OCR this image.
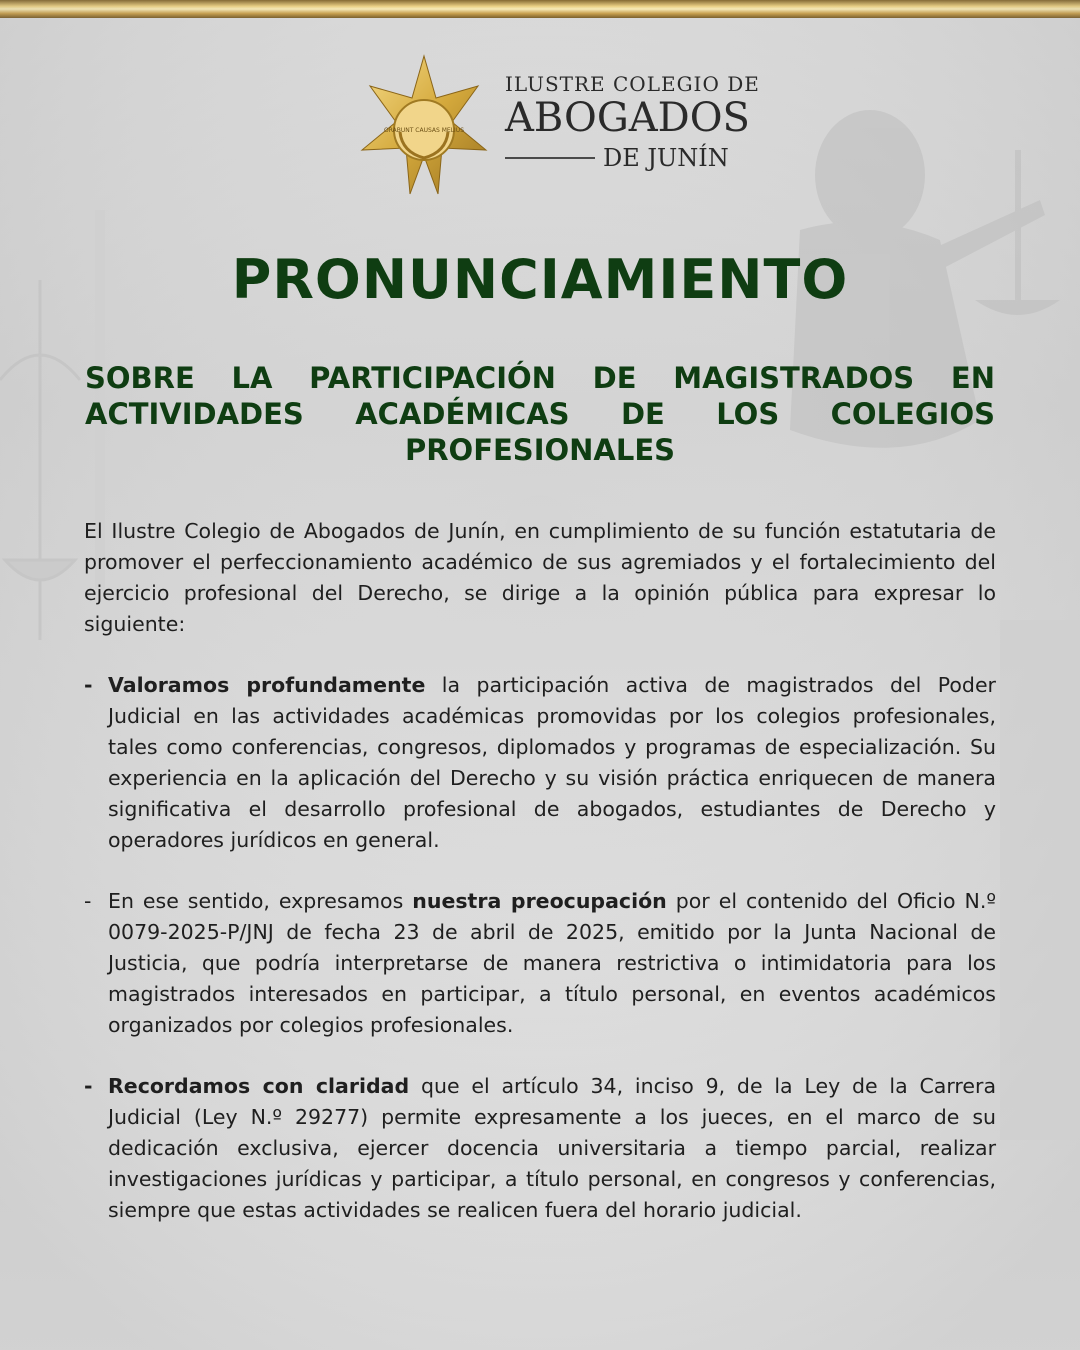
ORABUNT CAUSAS MELIUS
ILUSTRE COLEGIO DE
ABOGADOS
DE JUNÍN
PRONUNCIAMIENTO
SOBRE LA PARTICIPACIÓN DE MAGISTRADOS EN ACTIVIDADES ACADÉMICAS DE LOS COLEGIOS PROFESIONALES

El Ilustre Colegio de Abogados de Junín, en cumplimiento de su función estatutaria de promover el perfeccionamiento académico de sus agremiados y el fortalecimiento del ejercicio profesional del Derecho, se dirige a la opinión pública para expresar lo siguiente:

- Valoramos profundamente la participación activa de magistrados del Poder Judicial en las actividades académicas promovidas por los colegios profesionales, tales como conferencias, congresos, diplomados y programas de especialización. Su experiencia en la aplicación del Derecho y su visión práctica enriquecen de manera significativa el desarrollo profesional de abogados, estudiantes de Derecho y operadores jurídicos en general.
- En ese sentido, expresamos nuestra preocupación por el contenido del Oficio N.º 0079-2025-P/JNJ de fecha 23 de abril de 2025, emitido por la Junta Nacional de Justicia, que podría interpretarse de manera restrictiva o intimidatoria para los magistrados interesados en participar, a título personal, en eventos académicos organizados por colegios profesionales.
- Recordamos con claridad que el artículo 34, inciso 9, de la Ley de la Carrera Judicial (Ley N.º 29277) permite expresamente a los jueces, en el marco de su dedicación exclusiva, ejercer docencia universitaria a tiempo parcial, realizar investigaciones jurídicas y participar, a título personal, en congresos y conferencias, siempre que estas actividades se realicen fuera del horario judicial.
